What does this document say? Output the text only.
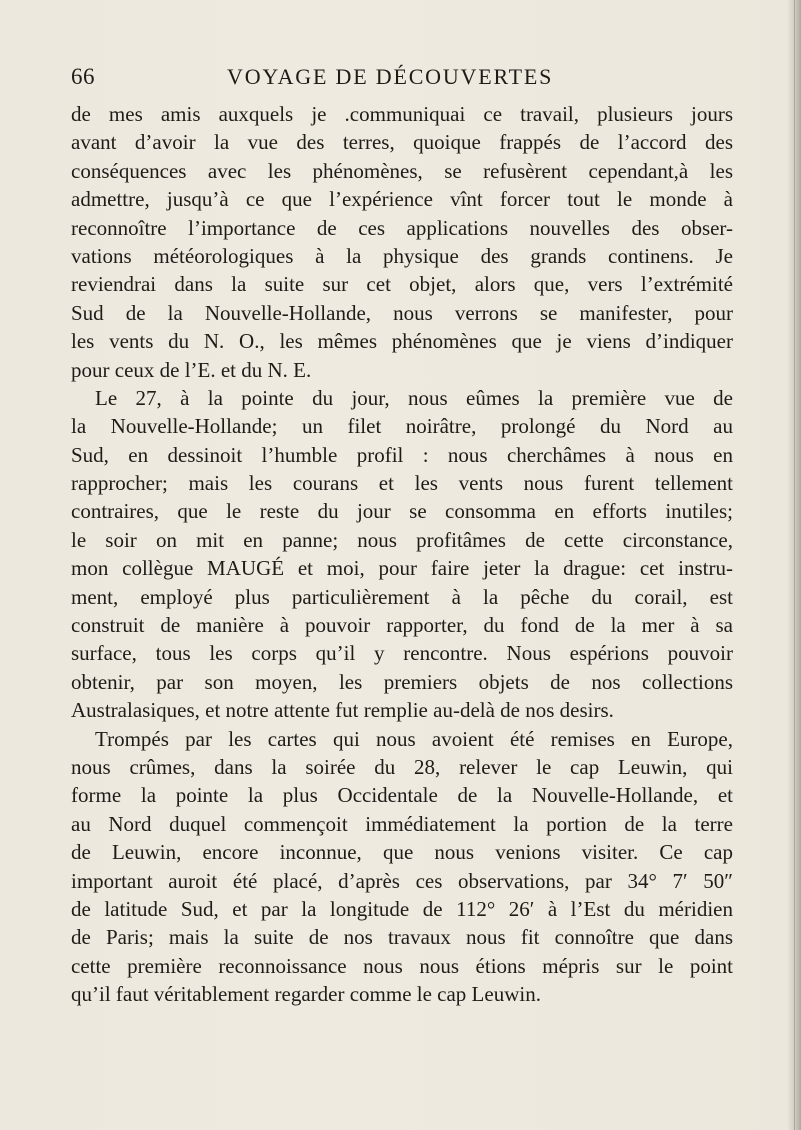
66	VOYAGE DE DÉCOUVERTES
de mes amis auxquels je .communiquai ce travail, plusieurs jours
avant d’avoir la vue des terres, quoique frappés de l’accord des
conséquences avec les phénomènes, se refusèrent cependant,à les
admettre, jusqu’à ce que l’expérience vînt forcer tout le monde à
reconnoître l’importance de ces applications nouvelles des obser-
vations météorologiques à la physique des grands continens. Je
reviendrai dans la suite sur cet objet, alors que, vers l’extrémité
Sud de la Nouvelle-Hollande, nous verrons se manifester, pour
les vents du N. O., les mêmes phénomènes que je viens d’indiquer
pour ceux de l’E. et du N. E.
Le 27, à la pointe du jour, nous eûmes la première vue de
la Nouvelle-Hollande; un filet noirâtre, prolongé du Nord au
Sud, en dessinoit l’humble profil : nous cherchâmes à nous en
rapprocher; mais les courans et les vents nous furent tellement
contraires, que le reste du jour se consomma en efforts inutiles;
le soir on mit en panne; nous profitâmes de cette circonstance,
mon collègue MAUGÉ et moi, pour faire jeter la drague: cet instru-
ment, employé plus particulièrement à la pêche du corail, est
construit de manière à pouvoir rapporter, du fond de la mer à sa
surface, tous les corps qu’il y rencontre. Nous espérions pouvoir
obtenir, par son moyen, les premiers objets de nos collections
Australasiques, et notre attente fut remplie au-delà de nos desirs.
Trompés par les cartes qui nous avoient été remises en Europe,
nous crûmes, dans la soirée du 28, relever le cap Leuwin, qui
forme la pointe la plus Occidentale de la Nouvelle-Hollande, et
au Nord duquel commençoit immédiatement la portion de la terre
de Leuwin, encore inconnue, que nous venions visiter. Ce cap
important auroit été placé, d’après ces observations, par 34° 7′ 50″
de latitude Sud, et par la longitude de 112° 26′ à l’Est du méridien
de Paris; mais la suite de nos travaux nous fit connoître que dans
cette première reconnoissance nous nous étions mépris sur le point
qu’il faut véritablement regarder comme le cap Leuwin.
